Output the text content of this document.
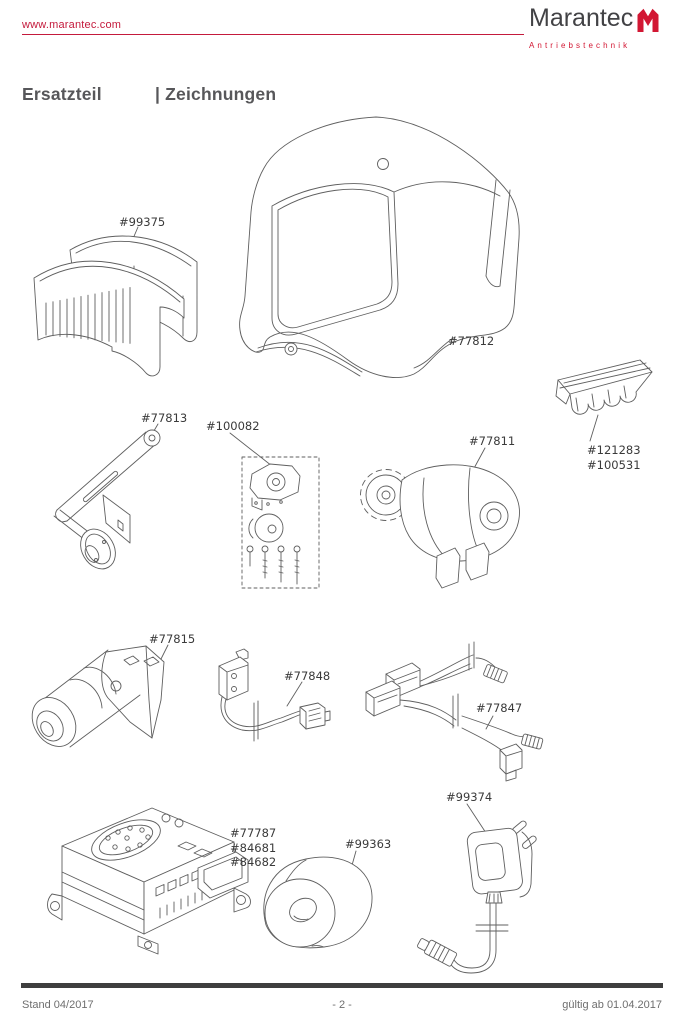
www.marantec.com	Marantec
Antriebstechnik
Ersatzteil	| Zeichnungen
#99375
#77812
#77813
#100082
#77811
#121283
#100531
#77815
#77848
#77847
#77787
#84681
#84682
#99363
#99374
Stand 04/2017	- 2 -	gültig ab 01.04.2017
